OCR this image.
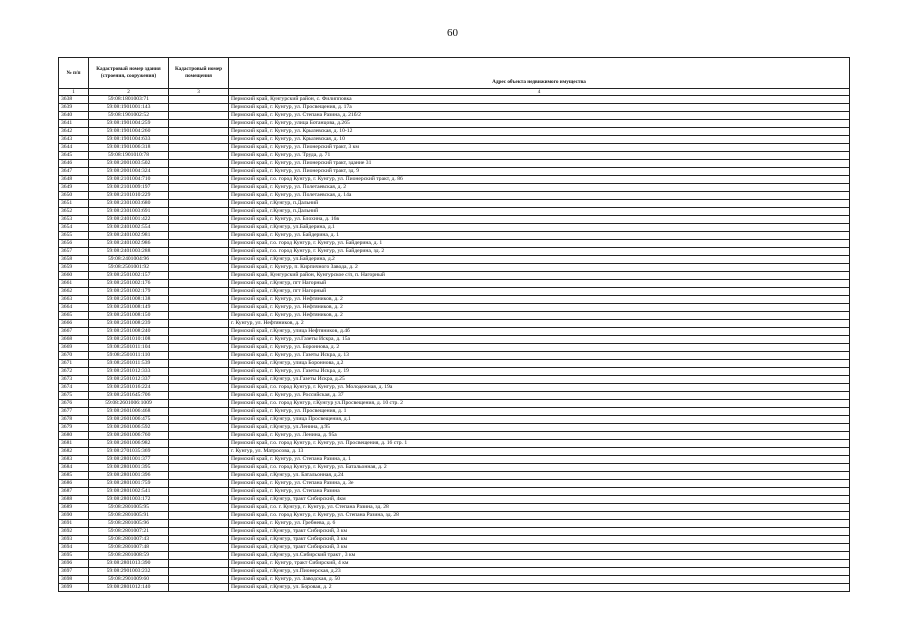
60
№ п/п	Кадастровый номер здания (строения, сооружения)	Кадастровый номер помещения	Адрес объекта недвижимого имущества
1	2	3	4
3638	59:08:1801003:71		Пермский край, Кунгурский район, с. Филипповка
3639	59:08:1901001:143		Пермский край, г. Кунгур, ул. Просвещения, д. 17а
3640	59:08:1901002:52		Пермский край, г. Кунгур, ул. Степана Разина, д. 21б/2
3641	59:08:1901004:259		Пермский край, г. Кунгур, улица Ботанцова, д.265
3642	59:08:1901004:260		Пермский край, г. Кунгур, ул. Крылевская, д. 10-12
3643	59:08:1901004:633		Пермский край, г. Кунгур, ул. Крылевская, д. 10
3644	59:08:1901006:318		Пермский край, г. Кунгур, ул. Пионерский тракт, 3 км
3645	59:08:1901010:78		Пермский край, г. Кунгур, ул. Труда, д. 71
3646	59:08:2001003:502		Пермский край, г. Кунгур, ул. Пионерский тракт, здание 31
3647	59:08:2001004:324		Пермский край, г. Кунгур, ул. Пионерский тракт, зд. 9
3648	59:08:2101004:710		Пермский край, г.о. город Кунгур, г. Кунгур, ул. Пионерский тракт, д. 86
3649	59:08:2101009:197		Пермский край, г. Кунгур, ул. Полетаевская, д. 2
3650	59:08:2101010:229		Пермский край, г. Кунгур, ул. Полетаевская, д. 14а
3651	59:08:2301003:680		Пермский край, г.Кунгур, п.Дальний
3652	59:08:2301003:691		Пермский край, г.Кунгур, п.Дальний
3653	59:08:2401001:422		Пермский край, г. Кунгур, ул. Блохина, д. 16в
3654	59:08:2401002:554		Пермский край, г.Кунгур, ул.Байдерина, д.1
3655	59:08:2401002:981		Пермский край, г. Кунгур, ул. Байдерина, д. 1
3656	59:08:2401002:986		Пермский край, г.о. город Кунгур, г. Кунгур, ул. Байдерина, д. 1
3657	59:08:2401003:288		Пермский край, г.о. город Кунгур, г. Кунгур, ул. Байдерина, зд. 2
3658	59:08:2401004:96		Пермский край, г.Кунгур, ул.Байдерина, д.2
3659	59:08:2501001:92		Пермский край, г. Кунгур, п. Кирпичного Завода, д. 2
3660	59:08:2501002:157		Пермский край, Кунгурский район, Кунгурское с/п, п. Нагорный
3661	59:08:2501002:176		Пермский край, г.Кунгур, пгт Нагорный
3662	59:08:2501002:179		Пермский край, г.Кунгур, пгт Нагорный
3663	59:08:2501008:138		Пермский край, г. Кунгур, ул. Нефтяников, д. 2
3664	59:08:2501008:149		Пермский край, г. Кунгур, ул. Нефтяников, д. 2
3665	59:08:2501008:150		Пермский край, г. Кунгур, ул. Нефтяников, д. 2
3666	59:08:2501008:239		г. Кунгур, ул. Нефтяников, д. 2
3667	59:08:2501008:240		Пермский край, г.Кунгур, улица Нефтяников, д.4б
3668	59:08:2501010:108		Пермский край, г. Кунгур, ул.Газеты Искра, д. 15а
3669	59:08:2501011:104		Пермский край, г. Кунгур, ул. Бороннова, д. 2
3670	59:08:2501011:110		Пермский край, г. Кунгур, ул. Газеты Искра, д. 13
3671	59:08:2501011:539		Пермский край, г.Кунгур, улица Бороннова, д.2
3672	59:08:2501012:333		Пермский край, г. Кунгур, ул. Газеты Искра, д. 19
3673	59:08:2501012:337		Пермский край, г.Кунгур, ул.Газеты Искра, д.25
3674	59:08:2501016:224		Пермский край, г.о. город Кунгур, г. Кунгур, ул. Молодежная, д. 19а
3675	59:08:2501645:706		Пермский край, г. Кунгур, ул. Российская, д. 37
3676	59:08:2601006:1009		Пермский край, г.о. город Кунгур, г.Кунгур ул.Просвещения, д. 10 стр. 2
3677	59:08:2601006:468		Пермский край, г. Кунгур, ул. Просвещения, д. 1
3678	59:08:2601006:475		Пермский край, г.Кунгур, улица Просвещения, д.1
3679	59:08:2601006:592		Пермский край, г.Кунгур, ул.Ленина, д.95
3680	59:08:2601006:760		Пермский край, г. Кунгур, ул. Ленина, д. 95а
3681	59:08:2601006:982		Пермский край, г.о. город Кунгур, г. Кунгур, ул. Просвещения, д. 16 стр. 1
3682	59:08:2701035:369		г. Кунгур, ул. Матросова, д. 13
3683	59:08:2801001:377		Пермский край, г. Кунгур, ул. Степана Разина, д. 1
3684	59:08:2801001:395		Пермский край, г.о. город Кунгур, г. Кунгур, ул. Батальонная, д. 2
3685	59:08:2801001:396		Пермский край, г.Кунгур, ул. Батальонная, д.24
3686	59:08:2801001:759		Пермский край, г. Кунгур, ул. Степана Разина, д. 3е
3687	59:08:2801002:541		Пермский край, г. Кунгур, ул. Степана Разина
3688	59:08:2801003:172		Пермский край, г.Кунгур, тракт Сибирский, 4км
3689	59:08:2801005:95		Пермский край, г.о. г. Кунгур, г. Кунгур, ул. Степана Разина, зд. 28
3690	59:08:2801005:91		Пермский край, г.о. город Кунгур, г. Кунгур, ул. Степана Разина, зд. 28
3691	59:08:2801005:96		Пермский край, г. Кунгур, ул. Гребнева, д. 6
3692	59:08:2801007:21		Пермский край, г.Кунгур, тракт Сибирский, 3 км
3693	59:08:2801007:43		Пермский край, г.Кунгур, тракт Сибирский, 3 км
3694	59:08:2801007:48		Пермский край, г.Кунгур, тракт Сибирский, 3 км
3695	59:08:2801008:59		Пермский край, г.Кунгур, ул.Сибирский тракт , 3 км
3696	59:08:2801013:390		Пермский край, г. Кунгур, тракт Сибирский, 4 км
3697	59:08:2901003:232		Пермский край, г.Кунгур, ул.Пионерская, д.23
3698	59:08:2901009:60		Пермский край, г. Кунгур, ул. Заводская, д. 50
3699	59:08:2801012:140		Пермский край, г.Кунгур, ул. Боровая, д. 2
